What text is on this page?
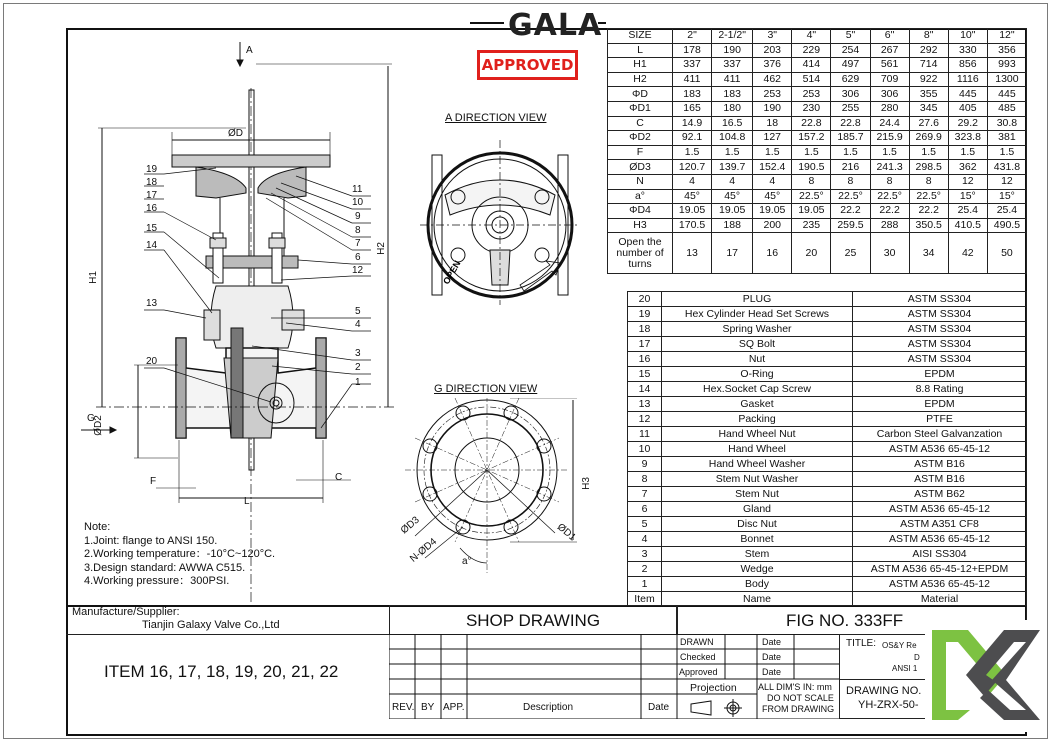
GALA
APPROVED
A
ØD
H1
H2
ØD2
G
L
F	C
19
18
17
16
15
14
13
20
11
10
9
8
7
6
12
5
4
3
2
1
A DIRECTION VIEW
OPEN
G DIRECTION VIEW
H3
ØD3
N-ØD4
ØD1
a°
SIZE	2"	2-1/2"	3"	4"	5"	6"	8"	10"	12"
L	178	190	203	229	254	267	292	330	356
H1	337	337	376	414	497	561	714	856	993
H2	411	411	462	514	629	709	922	1116	1300
ΦD	183	183	253	253	306	306	355	445	445
ΦD1	165	180	190	230	255	280	345	405	485
C	14.9	16.5	18	22.8	22.8	24.4	27.6	29.2	30.8
ΦD2	92.1	104.8	127	157.2	185.7	215.9	269.9	323.8	381
F	1.5	1.5	1.5	1.5	1.5	1.5	1.5	1.5	1.5
ØD3	120.7	139.7	152.4	190.5	216	241.3	298.5	362	431.8
N	4	4	4	8	8	8	8	12	12
a°	45°	45°	45°	22.5°	22.5°	22.5°	22.5°	15°	15°
ΦD4	19.05	19.05	19.05	19.05	22.2	22.2	22.2	25.4	25.4
H3	170.5	188	200	235	259.5	288	350.5	410.5	490.5
Open the number of turns	13	17	16	20	25	30	34	42	50
20	PLUG	ASTM SS304
19	Hex Cylinder Head Set Screws	ASTM SS304
18	Spring Washer	ASTM SS304
17	SQ Bolt	ASTM SS304
16	Nut	ASTM SS304
15	O-Ring	EPDM
14	Hex.Socket Cap Screw	8.8 Rating
13	Gasket	EPDM
12	Packing	PTFE
11	Hand Wheel Nut	Carbon Steel Galvanzation
10	Hand Wheel	ASTM A536 65-45-12
9	Hand Wheel Washer	ASTM B16
8	Stem Nut Washer	ASTM B16
7	Stem Nut	ASTM B62
6	Gland	ASTM A536 65-45-12
5	Disc Nut	ASTM A351 CF8
4	Bonnet	ASTM A536 65-45-12
3	Stem	AISI SS304
2	Wedge	ASTM A536 65-45-12+EPDM
1	Body	ASTM A536 65-45-12
Item	Name	Material
Note:
1.Joint: flange to ANSI 150.
2.Working temperature：-10°C~120°C.
3.Design standard: AWWA C515.
4.Working pressure：300PSI.
Manufacture/Supplier:
Tianjin Galaxy Valve Co.,Ltd
ITEM 16, 17, 18, 19, 20, 21, 22
SHOP DRAWING
REV. BY APP.	Description	Date
FIG NO. 333FF
DRAWN
Checked
Approved
Date
Date
Date
Projection ALL DIM'S IN: mm
DO NOT SCALE
FROM DRAWING
TITLE: OS&Y Re
D
ANSI 1
DRAWING NO.
YH-ZRX-50-
